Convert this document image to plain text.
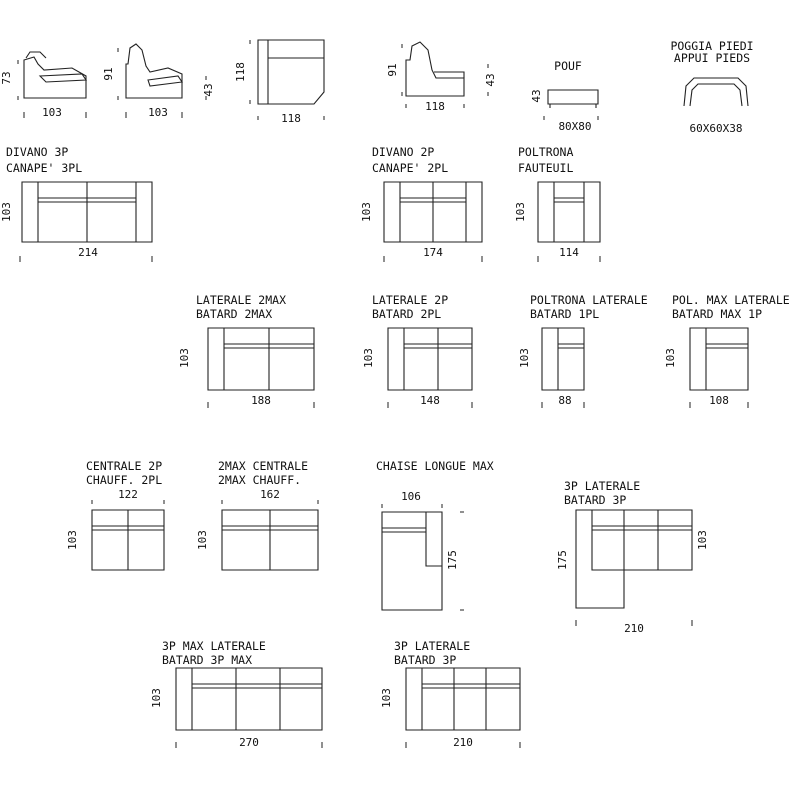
73
103
91
103
43
118
118
91
118
43
POUF
43
80X80
POGGIA PIEDI
APPUI PIEDS
60X60X38
DIVANO 3P
CANAPE' 3PL
103
214
DIVANO 2P
CANAPE' 2PL
103
174
POLTRONA
FAUTEUIL
103
114
LATERALE 2MAX
BATARD 2MAX
103
188
LATERALE 2P
BATARD 2PL
103
148
POLTRONA LATERALE
BATARD 1PL
103
88
POL. MAX LATERALE
BATARD MAX 1P
103
108
CENTRALE 2P
CHAUFF. 2PL
122
103
2MAX CENTRALE
2MAX CHAUFF.
162
103
CHAISE LONGUE MAX
106
175
3P LATERALE
BATARD 3P
175
103
210
3P MAX LATERALE
BATARD 3P MAX
103
270
3P LATERALE
BATARD 3P
103
210
